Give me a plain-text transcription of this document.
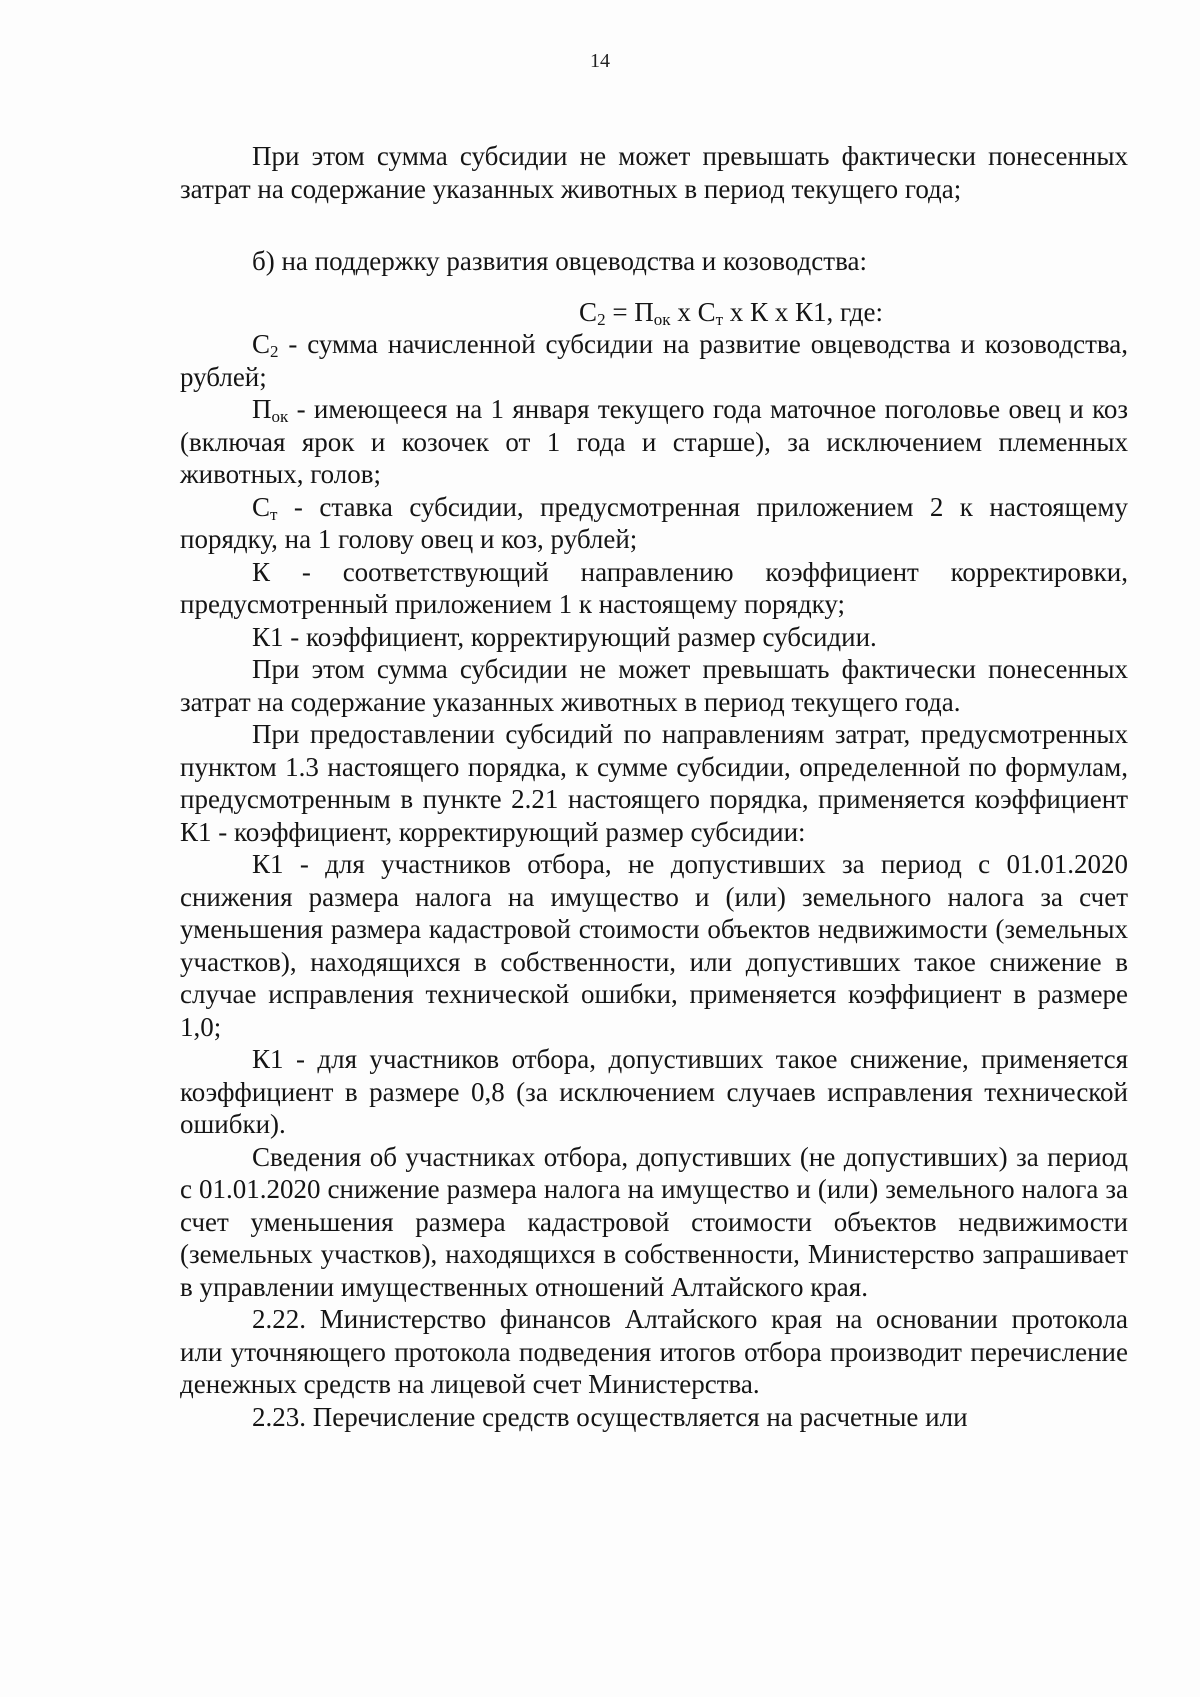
14

При этом сумма субсидии не может превышать фактически понесенных затрат на содержание указанных животных в период текущего года;

б) на поддержку развития овцеводства и козоводства:

$С_2 = П_{ок}$ х $С_т$ х К х К1, где:

$С_2$ - сумма начисленной субсидии на развитие овцеводства и козоводства, рублей;

$П_{ок}$ - имеющееся на 1 января текущего года маточное поголовье овец и коз (включая ярок и козочек от 1 года и старше), за исключением племенных животных, голов;

$С_т$ - ставка субсидии, предусмотренная приложением 2 к настоящему порядку, на 1 голову овец и коз, рублей;

К - соответствующий направлению коэффициент корректировки, предусмотренный приложением 1 к настоящему порядку;

К1 - коэффициент, корректирующий размер субсидии.

При этом сумма субсидии не может превышать фактически понесенных затрат на содержание указанных животных в период текущего года.

При предоставлении субсидий по направлениям затрат, предусмотренных пунктом 1.3 настоящего порядка, к сумме субсидии, определенной по формулам, предусмотренным в пункте 2.21 настоящего порядка, применяется коэффициент К1 - коэффициент, корректирующий размер субсидии:

К1 - для участников отбора, не допустивших за период с 01.01.2020 снижения размера налога на имущество и (или) земельного налога за счет уменьшения размера кадастровой стоимости объектов недвижимости (земельных участков), находящихся в собственности, или допустивших такое снижение в случае исправления технической ошибки, применяется коэффициент в размере 1,0;

К1 - для участников отбора, допустивших такое снижение, применяется коэффициент в размере 0,8 (за исключением случаев исправления технической ошибки).

Сведения об участниках отбора, допустивших (не допустивших) за период с 01.01.2020 снижение размера налога на имущество и (или) земельного налога за счет уменьшения размера кадастровой стоимости объектов недвижимости (земельных участков), находящихся в собственности, Министерство запрашивает в управлении имущественных отношений Алтайского края.

2.22. Министерство финансов Алтайского края на основании протокола или уточняющего протокола подведения итогов отбора производит перечисление денежных средств на лицевой счет Министерства.

2.23. Перечисление средств осуществляется на расчетные или
